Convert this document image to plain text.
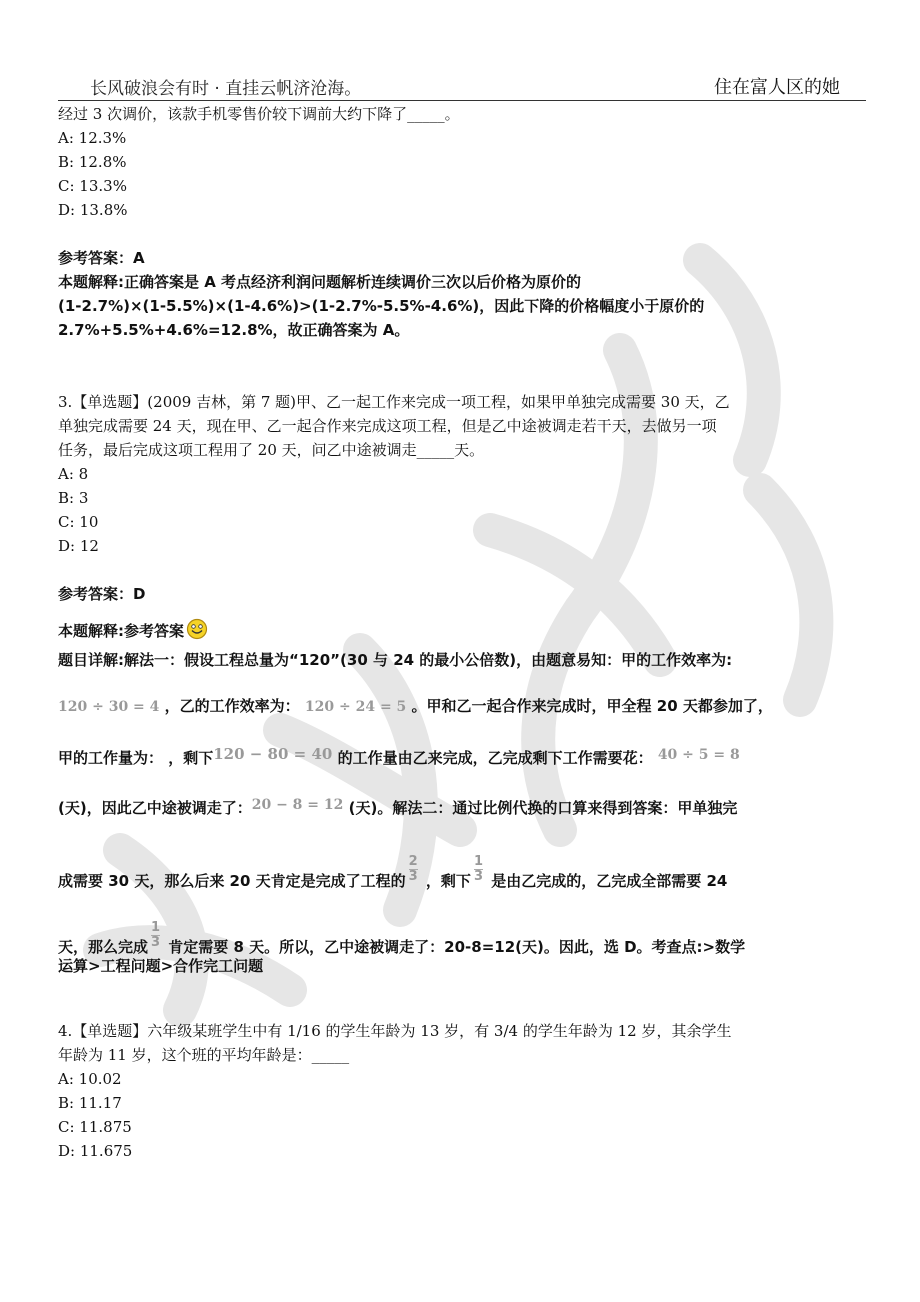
长风破浪会有时 · 直挂云帆济沧海。	住在富人区的她
经过 3 次调价，该款手机零售价较下调前大约下降了_____。
A: 12.3%
B: 12.8%
C: 13.3%
D: 13.8%
参考答案：A
本题解释:正确答案是 A 考点经济利润问题解析连续调价三次以后价格为原价的
(1-2.7%)×(1-5.5%)×(1-4.6%)>(1-2.7%-5.5%-4.6%)，因此下降的价格幅度小于原价的
2.7%+5.5%+4.6%=12.8%，故正确答案为 A。
3.【单选题】(2009 吉林，第 7 题)甲、乙一起工作来完成一项工程，如果甲单独完成需要 30 天，乙
单独完成需要 24 天，现在甲、乙一起合作来完成这项工程，但是乙中途被调走若干天，去做另一项
任务，最后完成这项工程用了 20 天，问乙中途被调走_____天。
A: 8
B: 3
C: 10
D: 12
参考答案：D
本题解释:参考答案
题目详解:解法一：假设工程总量为“120”(30 与 24 的最小公倍数)，由题意易知：甲的工作效率为:
120 ÷ 30 = 4 ，乙的工作效率为： 120 ÷ 24 = 5 。甲和乙一起合作来完成时，甲全程 20 天都参加了，
甲的工作量为： ，剩下120 − 80 = 40 的工作量由乙来完成，乙完成剩下工作需要花： 40 ÷ 5 = 8
(天)，因此乙中途被调走了：20 − 8 = 12 (天)。解法二：通过比例代换的口算来得到答案：甲单独完
成需要 30 天，那么后来 20 天肯定是完成了工程的 $\frac{2}{3}$ ，剩下 $\frac{1}{3}$ 是由乙完成的，乙完成全部需要 24
天，那么完成 $\frac{1}{3}$ 肯定需要 8 天。所以，乙中途被调走了：20-8=12(天)。因此，选 D。考查点:>数学
运算>工程问题>合作完工问题
4.【单选题】六年级某班学生中有 1/16 的学生年龄为 13 岁，有 3/4 的学生年龄为 12 岁，其余学生
年龄为 11 岁，这个班的平均年龄是：_____
A: 10.02
B: 11.17
C: 11.875
D: 11.675
